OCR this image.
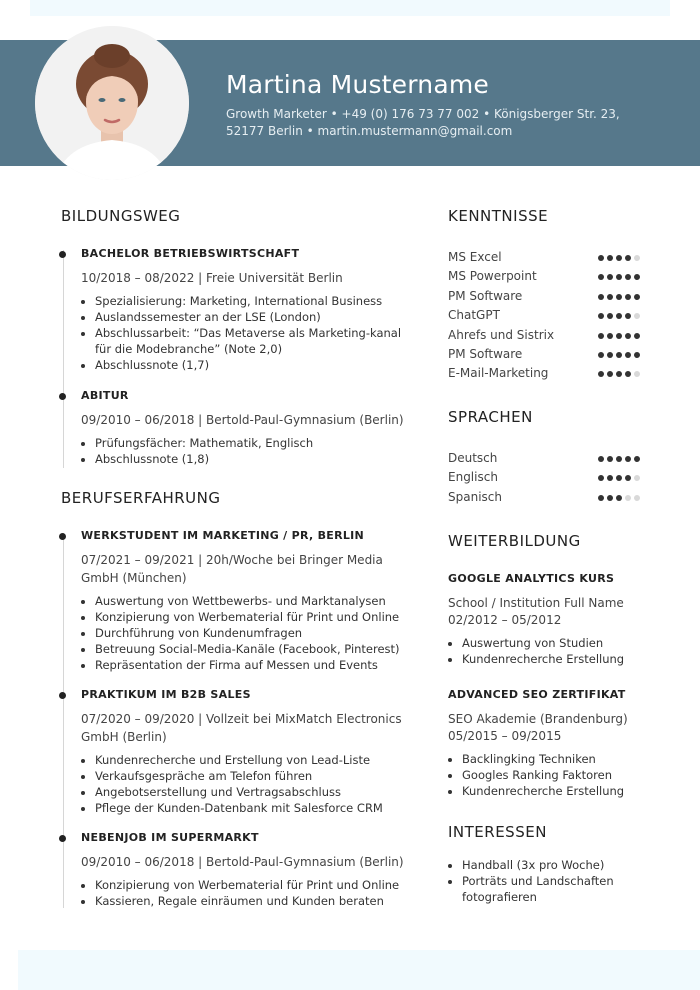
Martina Mustername
Growth Marketer • +49 (0) 176 73 77 002 • Königsberger Str. 23, 52177 Berlin • martin.mustermann@gmail.com
BILDUNGSWEG
BACHELOR BETRIEBSWIRTSCHAFT
10/2018 – 08/2022 | Freie Universität Berlin
• Spezialisierung: Marketing, International Business
• Auslandssemester an der LSE (London)
• Abschlussarbeit: “Das Metaverse als Marketing-kanal für die Modebranche” (Note 2,0)
• Abschlussnote (1,7)
ABITUR
09/2010 – 06/2018 | Bertold-Paul-Gymnasium (Berlin)
• Prüfungsfächer: Mathematik, Englisch
• Abschlussnote (1,8)
BERUFSERFAHRUNG
WERKSTUDENT IM MARKETING / PR, BERLIN
07/2021 – 09/2021 | 20h/Woche bei Bringer Media GmbH (München)
• Auswertung von Wettbewerbs- und Marktanalysen
• Konzipierung von Werbematerial für Print und Online
• Durchführung von Kundenumfragen
• Betreuung Social-Media-Kanäle (Facebook, Pinterest)
• Repräsentation der Firma auf Messen und Events
PRAKTIKUM IM B2B SALES
07/2020 – 09/2020 | Vollzeit bei MixMatch Electronics GmbH (Berlin)
• Kundenrecherche und Erstellung von Lead-Liste
• Verkaufsgespräche am Telefon führen
• Angebotserstellung und Vertragsabschluss
• Pflege der Kunden-Datenbank mit Salesforce CRM
NEBENJOB IM SUPERMARKT
09/2010 – 06/2018 | Bertold-Paul-Gymnasium (Berlin)
• Konzipierung von Werbematerial für Print und Online
• Kassieren, Regale einräumen und Kunden beraten
KENNTNISSE
MS Excel
MS Powerpoint
PM Software
ChatGPT
Ahrefs und Sistrix
PM Software
E-Mail-Marketing
SPRACHEN
Deutsch
Englisch
Spanisch
WEITERBILDUNG
GOOGLE ANALYTICS KURS
School / Institution Full Name
02/2012 – 05/2012
• Auswertung von Studien
• Kundenrecherche Erstellung
ADVANCED SEO ZERTIFIKAT
SEO Akademie (Brandenburg)
05/2015 – 09/2015
• Backlingking Techniken
• Googles Ranking Faktoren
• Kundenrecherche Erstellung
INTERESSEN
• Handball (3x pro Woche)
• Porträts und Landschaften fotografieren
